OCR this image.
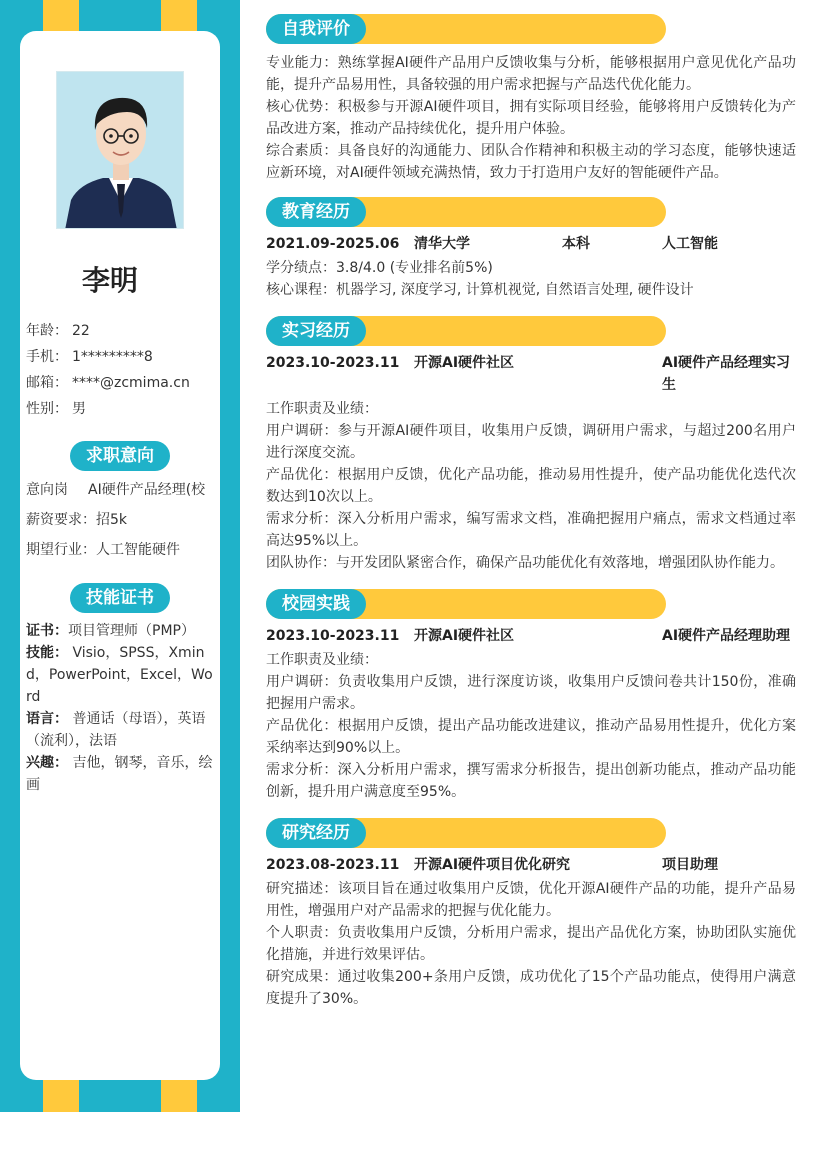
李明
年龄： 22
手机： 1*********8
邮箱： ****@zcmima.cn
性别： 男
求职意向
意向岗 AI硬件产品经理(校
薪资要求：招5k
期望行业：人工智能硬件
技能证书
证书：项目管理师（PMP）
技能： Visio，SPSS，Xmind，PowerPoint，Excel，Word
语言： 普通话（母语），英语（流利），法语
兴趣： 吉他，钢琴，音乐，绘画
自我评价

专业能力：熟练掌握AI硬件产品用户反馈收集与分析，能够根据用户意见优化产品功能，提升产品易用性，具备较强的用户需求把握与产品迭代优化能力。

核心优势：积极参与开源AI硬件项目，拥有实际项目经验，能够将用户反馈转化为产品改进方案，推动产品持续优化，提升用户体验。

综合素质：具备良好的沟通能力、团队合作精神和积极主动的学习态度，能够快速适应新环境，对AI硬件领域充满热情，致力于打造用户友好的智能硬件产品。

教育经历
2021.09-2025.06	清华大学	本科	人工智能

学分绩点：3.8/4.0 (专业排名前5%)

核心课程：机器学习, 深度学习, 计算机视觉, 自然语言处理, 硬件设计

实习经历
2023.10-2023.11	开源AI硬件社区	AI硬件产品经理实习生

工作职责及业绩：

用户调研：参与开源AI硬件项目，收集用户反馈，调研用户需求，与超过200名用户进行深度交流。

产品优化：根据用户反馈，优化产品功能，推动易用性提升，使产品功能优化迭代次数达到10次以上。

需求分析：深入分析用户需求，编写需求文档，准确把握用户痛点，需求文档通过率高达95%以上。

团队协作：与开发团队紧密合作，确保产品功能优化有效落地，增强团队协作能力。

校园实践
2023.10-2023.11	开源AI硬件社区	AI硬件产品经理助理

工作职责及业绩：

用户调研：负责收集用户反馈，进行深度访谈，收集用户反馈问卷共计150份，准确把握用户需求。

产品优化：根据用户反馈，提出产品功能改进建议，推动产品易用性提升，优化方案采纳率达到90%以上。

需求分析：深入分析用户需求，撰写需求分析报告，提出创新功能点，推动产品功能创新，提升用户满意度至95%。

研究经历
2023.08-2023.11	开源AI硬件项目优化研究	项目助理

研究描述：该项目旨在通过收集用户反馈，优化开源AI硬件产品的功能，提升产品易用性，增强用户对产品需求的把握与优化能力。

个人职责：负责收集用户反馈，分析用户需求，提出产品优化方案，协助团队实施优化措施，并进行效果评估。

研究成果：通过收集200+条用户反馈，成功优化了15个产品功能点，使得用户满意度提升了30%。
